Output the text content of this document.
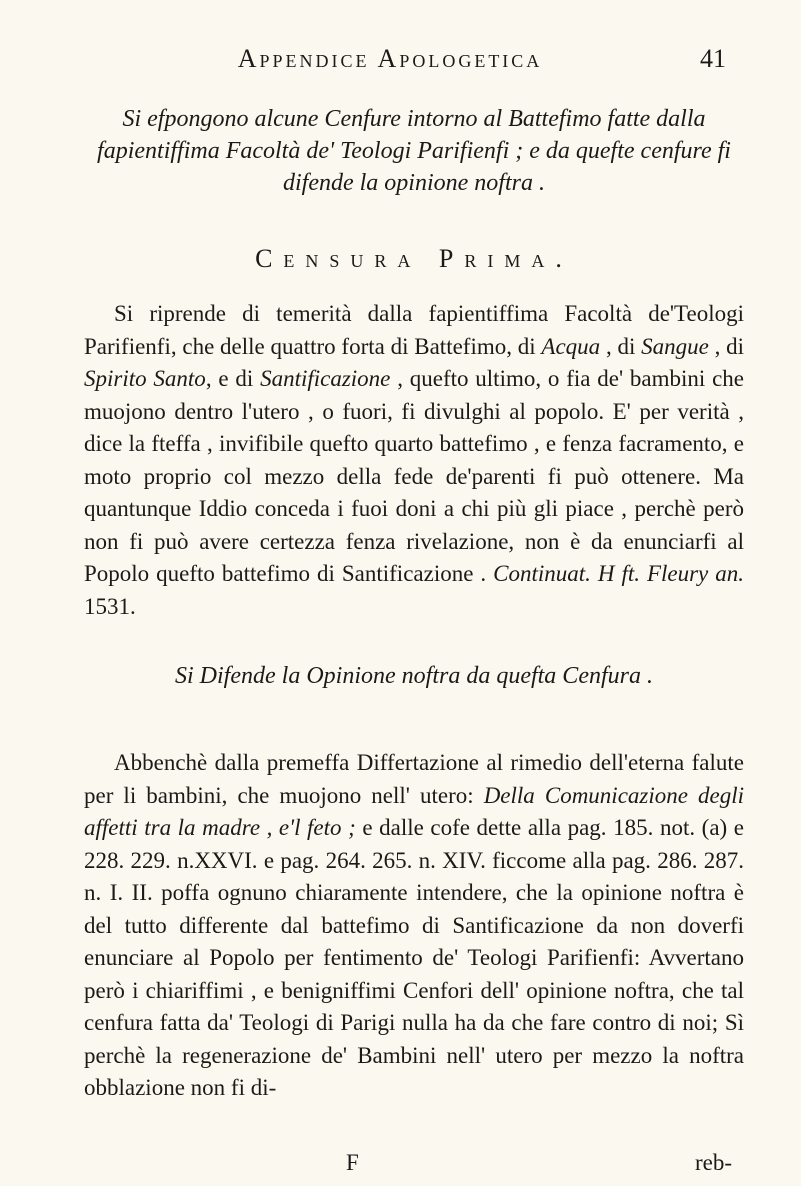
Appendice Apologetica	41
Si efpongono alcune Cenfure intorno al Battefimo fatte dalla fapientiffima Facoltà de' Teologi Parifienfi ; e da quefte cenfure fi difende la opinione noftra .
Censura Prima.

Si riprende di temerità dalla fapientiffima Facoltà de'Teologi Parifienfi, che delle quattro forta di Battefimo, di Acqua , di Sangue , di Spirito Santo, e di Santificazione , quefto ultimo, o fia de' bambini che muojono dentro l'utero , o fuori, fi divulghi al popolo. E' per verità , dice la fteffa , invifibile quefto quarto battefimo , e fenza facramento, e moto proprio col mezzo della fede de'parenti fi può ottenere. Ma quantunque Iddio conceda i fuoi doni a chi più gli piace , perchè però non fi può avere certezza fenza rivelazione, non è da enunciarfi al Popolo quefto battefimo di Santificazione . Continuat. H ft. Fleury an. 1531.

Si Difende la Opinione noftra da quefta Cenfura .

Abbenchè dalla premeffa Differtazione al rimedio dell'eterna falute per li bambini, che muojono nell' utero: Della Comunicazione degli affetti tra la madre , e'l feto ; e dalle cofe dette alla pag. 185. not. (a) e 228. 229. n.XXVI. e pag. 264. 265. n. XIV. ficcome alla pag. 286. 287. n. I. II. poffa ognuno chiaramente intendere, che la opinione noftra è del tutto differente dal battefimo di Santificazione da non doverfi enunciare al Popolo per fentimento de' Teologi Parifienfi: Avvertano però i chiariffimi , e benigniffimi Cenfori dell' opinione noftra, che tal cenfura fatta da' Teologi di Parigi nulla ha da che fare contro di noi; Sì perchè la regenerazione de' Bambini nell' utero per mezzo la noftra obblazione non fi di-

F	reb-
